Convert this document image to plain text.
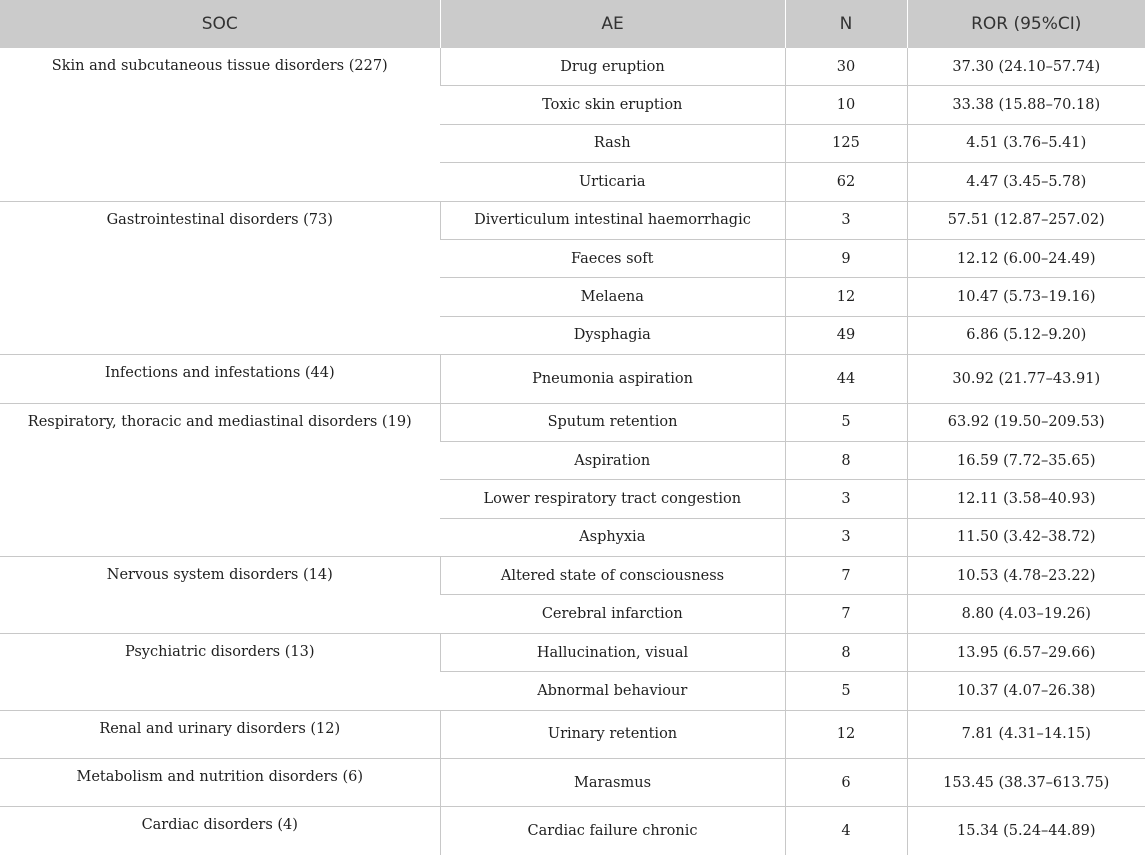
SOC	AE	N	ROR (95%CI)
Skin and subcutaneous tissue disorders (227)	Drug eruption	30	37.30 (24.10–57.74)
	Toxic skin eruption	10	33.38 (15.88–70.18)
	Rash	125	4.51 (3.76–5.41)
	Urticaria	62	4.47 (3.45–5.78)
Gastrointestinal disorders (73)	Diverticulum intestinal haemorrhagic	3	57.51 (12.87–257.02)
	Faeces soft	9	12.12 (6.00–24.49)
	Melaena	12	10.47 (5.73–19.16)
	Dysphagia	49	6.86 (5.12–9.20)
Infections and infestations (44)	Pneumonia aspiration	44	30.92 (21.77–43.91)
Respiratory, thoracic and mediastinal disorders (19)	Sputum retention	5	63.92 (19.50–209.53)
	Aspiration	8	16.59 (7.72–35.65)
	Lower respiratory tract congestion	3	12.11 (3.58–40.93)
	Asphyxia	3	11.50 (3.42–38.72)
Nervous system disorders (14)	Altered state of consciousness	7	10.53 (4.78–23.22)
	Cerebral infarction	7	8.80 (4.03–19.26)
Psychiatric disorders (13)	Hallucination, visual	8	13.95 (6.57–29.66)
	Abnormal behaviour	5	10.37 (4.07–26.38)
Renal and urinary disorders (12)	Urinary retention	12	7.81 (4.31–14.15)
Metabolism and nutrition disorders (6)	Marasmus	6	153.45 (38.37–613.75)
Cardiac disorders (4)	Cardiac failure chronic	4	15.34 (5.24–44.89)
